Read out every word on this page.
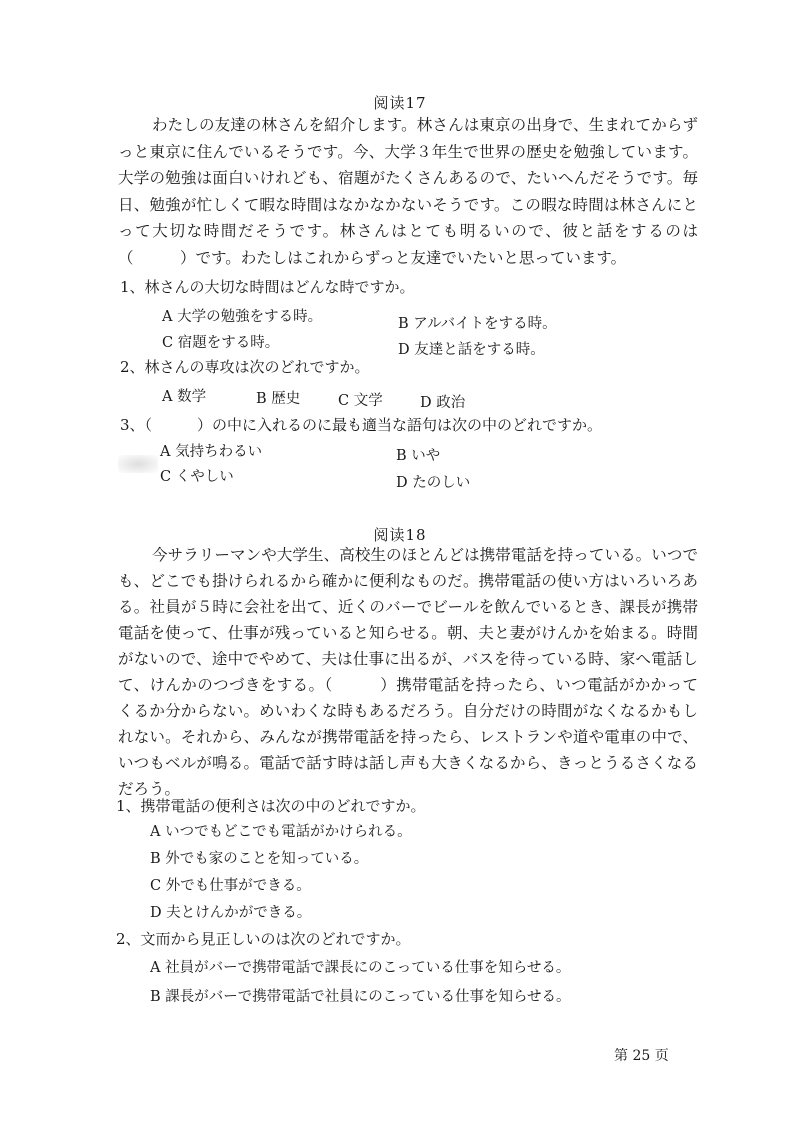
阅读17
わたしの友達の林さんを紹介します。林さんは東京の出身で、生まれてからずっと東京に住んでいるそうです。今、大学３年生で世界の歴史を勉強しています。大学の勉強は面白いけれども、宿題がたくさんあるので、たいへんだそうです。毎日、勉強が忙しくて暇な時間はなかなかないそうです。この暇な時間は林さんにとって大切な時間だそうです。林さんはとても明るいので、彼と話をするのは（　　　）です。わたしはこれからずっと友達でいたいと思っています。
1、林さんの大切な時間はどんな時ですか。
A 大学の勉強をする時。	B アルバイトをする時。
C 宿題をする時。	D 友達と話をする時。
2、林さんの専攻は次のどれですか。
A 数学	B 歴史	C 文学	D 政治
3、（　　　）の中に入れるのに最も適当な語句は次の中のどれですか。
A 気持ちわるい	B いや
C くやしい	D たのしい
阅读18
今サラリーマンや大学生、高校生のほとんどは携帯電話を持っている。いつでも、どこでも掛けられるから確かに便利なものだ。携帯電話の使い方はいろいろある。社員が５時に会社を出て、近くのバーでビールを飲んでいるとき、課長が携帯電話を使って、仕事が残っていると知らせる。朝、夫と妻がけんかを始まる。時間がないので、途中でやめて、夫は仕事に出るが、バスを待っている時、家へ電話して、けんかのつづきをする。（　　　）携帯電話を持ったら、いつ電話がかかってくるか分からない。めいわくな時もあるだろう。自分だけの時間がなくなるかもしれない。それから、みんなが携帯電話を持ったら、レストランや道や電車の中で、いつもベルが鳴る。電話で話す時は話し声も大きくなるから、きっとうるさくなるだろう。
1、携帯電話の便利さは次の中のどれですか。
A いつでもどこでも電話がかけられる。
B 外でも家のことを知っている。
C 外でも仕事ができる。
D 夫とけんかができる。
2、文而から見正しいのは次のどれですか。
A 社員がバーで携帯電話で課長にのこっている仕事を知らせる。
B 課長がバーで携帯電話で社員にのこっている仕事を知らせる。
第 25 页
